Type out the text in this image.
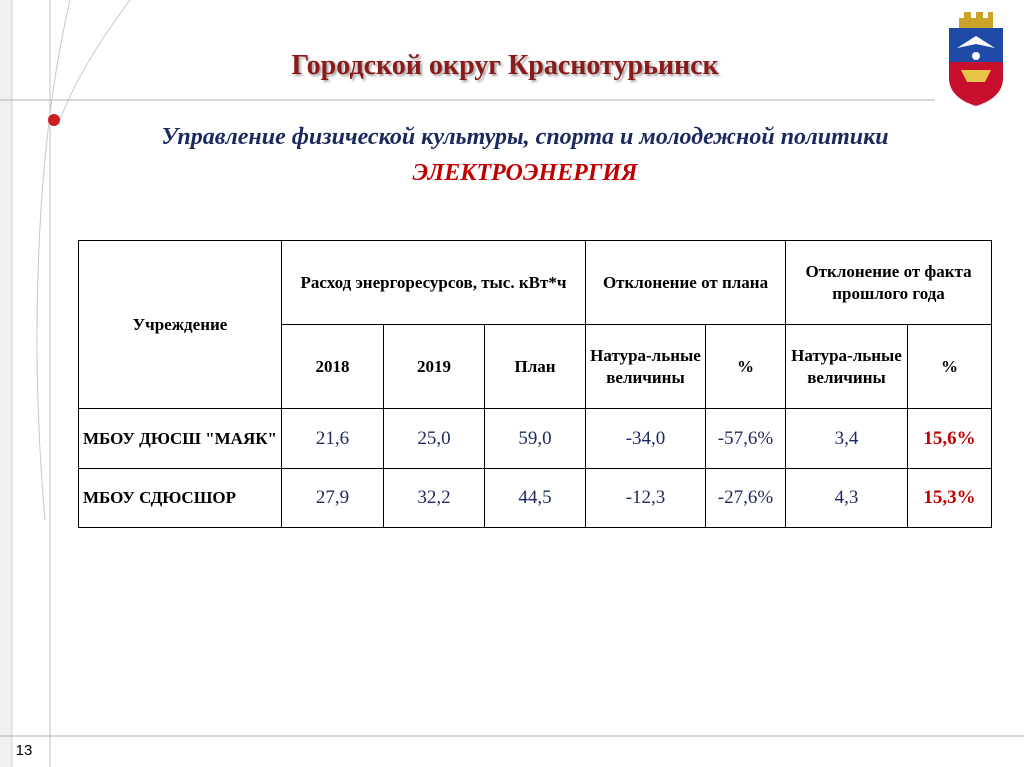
Городской округ Краснотурьинск
Управление физической культуры, спорта и молодежной политики
ЭЛЕКТРОЭНЕРГИЯ
Учреждение	Расход энергоресурсов, тыс. кВт*ч			Отклонение от плана		Отклонение от факта прошлого года	
	2018	2019	План	Натура-льные величины	%	Натура-льные величины	%
МБОУ ДЮСШ "МАЯК"	21,6	25,0	59,0	-34,0	-57,6%	3,4	15,6%
МБОУ СДЮСШОР	27,9	32,2	44,5	-12,3	-27,6%	4,3	15,3%
13
